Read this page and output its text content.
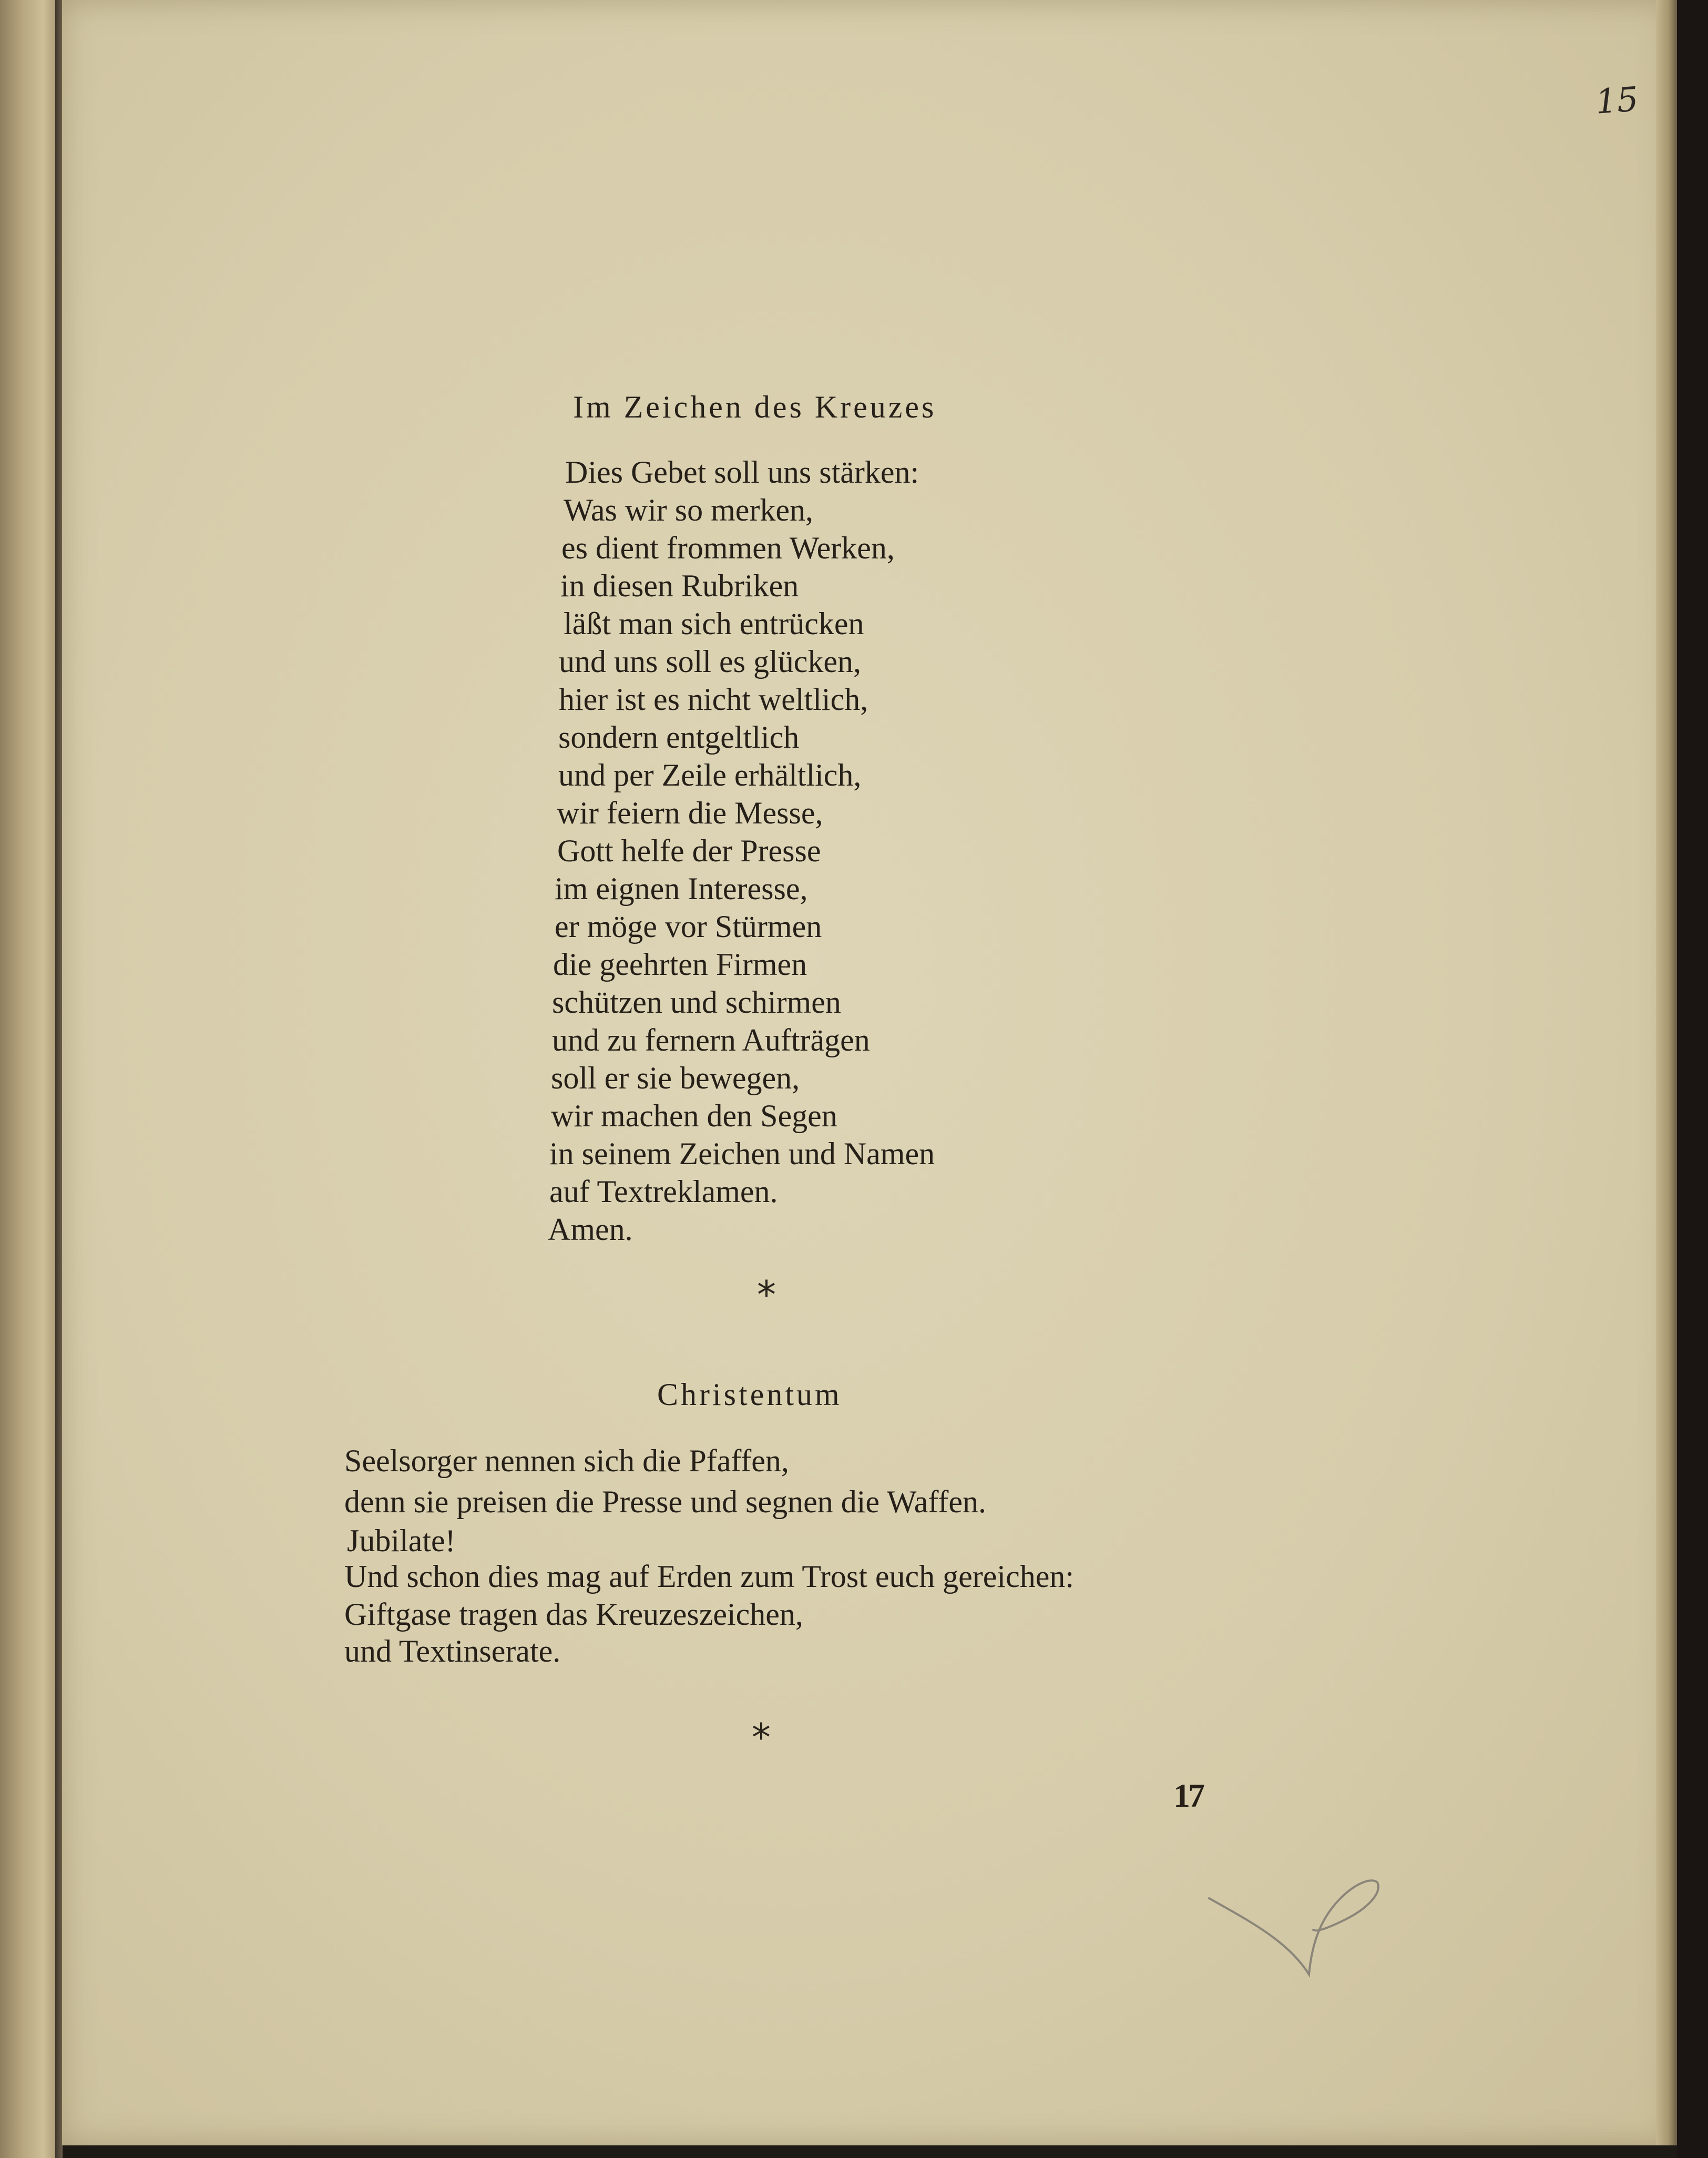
15
Im Zeichen des Kreuzes
Dies Gebet soll uns stärken:
Was wir so merken,
es dient frommen Werken,
in diesen Rubriken
läßt man sich entrücken
und uns soll es glücken,
hier ist es nicht weltlich,
sondern entgeltlich
und per Zeile erhältlich,
wir feiern die Messe,
Gott helfe der Presse
im eignen Interesse,
er möge vor Stürmen
die geehrten Firmen
schützen und schirmen
und zu fernern Aufträgen
soll er sie bewegen,
wir machen den Segen
in seinem Zeichen und Namen
auf Textreklamen.
Amen.
*
Christentum
Seelsorger nennen sich die Pfaffen,
denn sie preisen die Presse und segnen die Waffen.
Jubilate!
Und schon dies mag auf Erden zum Trost euch gereichen:
Giftgase tragen das Kreuzeszeichen,
und Textinserate.
*
17
